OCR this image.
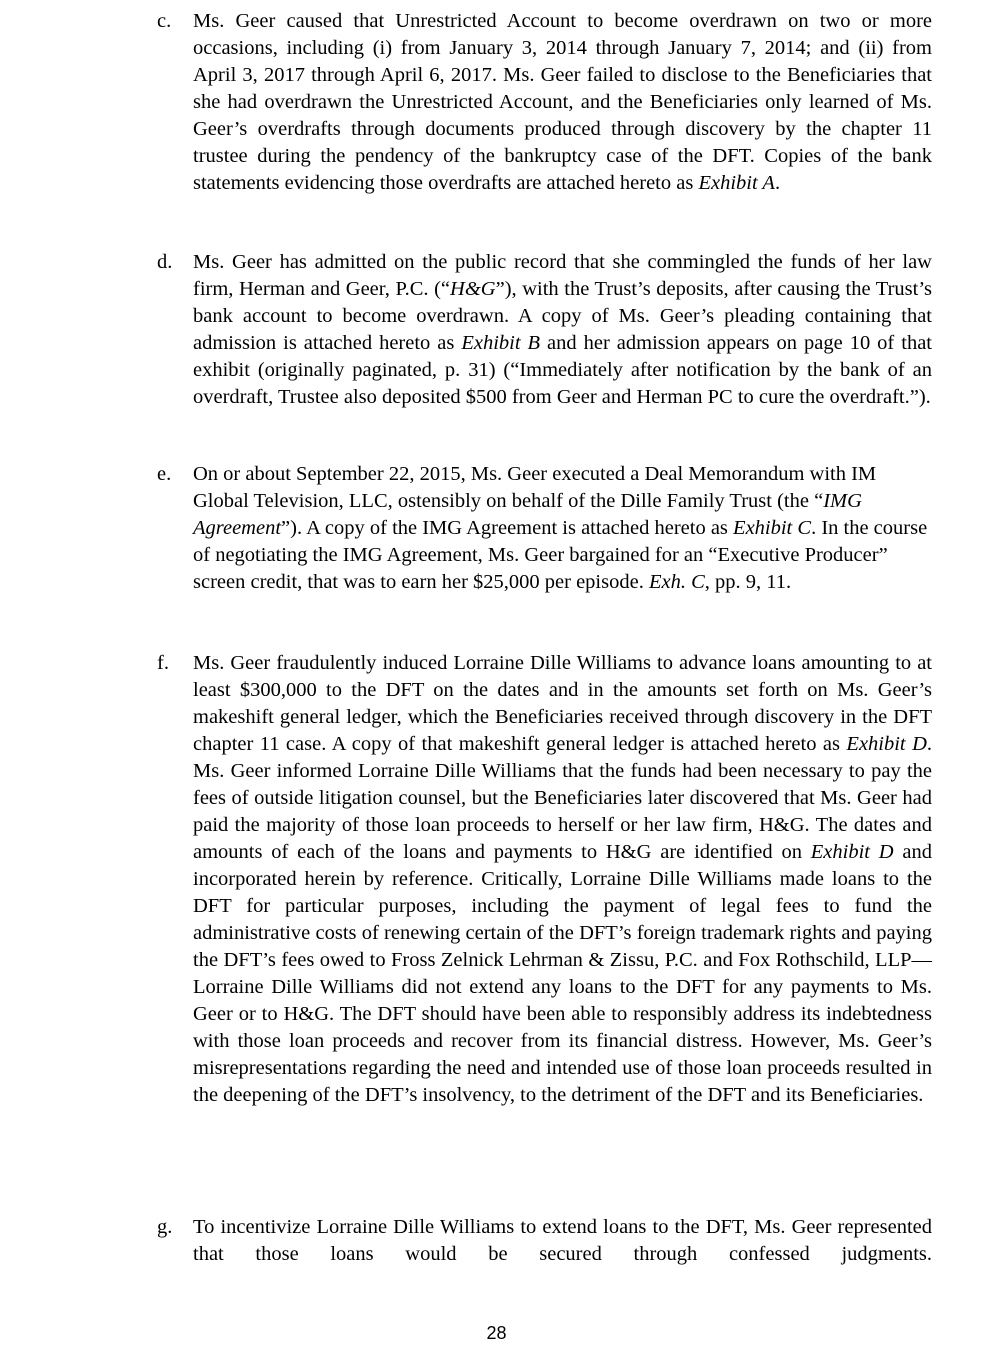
c. Ms. Geer caused that Unrestricted Account to become overdrawn on two or more occasions, including (i) from January 3, 2014 through January 7, 2014; and (ii) from April 3, 2017 through April 6, 2017. Ms. Geer failed to disclose to the Beneficiaries that she had overdrawn the Unrestricted Account, and the Beneficiaries only learned of Ms. Geer’s overdrafts through documents produced through discovery by the chapter 11 trustee during the pendency of the bankruptcy case of the DFT. Copies of the bank statements evidencing those overdrafts are attached hereto as Exhibit A.
d. Ms. Geer has admitted on the public record that she commingled the funds of her law firm, Herman and Geer, P.C. (“H&G”), with the Trust’s deposits, after causing the Trust’s bank account to become overdrawn. A copy of Ms. Geer’s pleading containing that admission is attached hereto as Exhibit B and her admission appears on page 10 of that exhibit (originally paginated, p. 31) (“Immediately after notification by the bank of an overdraft, Trustee also deposited $500 from Geer and Herman PC to cure the overdraft.”).
e. On or about September 22, 2015, Ms. Geer executed a Deal Memorandum with IM Global Television, LLC, ostensibly on behalf of the Dille Family Trust (the “IMG Agreement”). A copy of the IMG Agreement is attached hereto as Exhibit C. In the course of negotiating the IMG Agreement, Ms. Geer bargained for an “Executive Producer” screen credit, that was to earn her $25,000 per episode. Exh. C, pp. 9, 11.
f. Ms. Geer fraudulently induced Lorraine Dille Williams to advance loans amounting to at least $300,000 to the DFT on the dates and in the amounts set forth on Ms. Geer’s makeshift general ledger, which the Beneficiaries received through discovery in the DFT chapter 11 case. A copy of that makeshift general ledger is attached hereto as Exhibit D. Ms. Geer informed Lorraine Dille Williams that the funds had been necessary to pay the fees of outside litigation counsel, but the Beneficiaries later discovered that Ms. Geer had paid the majority of those loan proceeds to herself or her law firm, H&G. The dates and amounts of each of the loans and payments to H&G are identified on Exhibit D and incorporated herein by reference. Critically, Lorraine Dille Williams made loans to the DFT for particular purposes, including the payment of legal fees to fund the administrative costs of renewing certain of the DFT’s foreign trademark rights and paying the DFT’s fees owed to Fross Zelnick Lehrman & Zissu, P.C. and Fox Rothschild, LLP—Lorraine Dille Williams did not extend any loans to the DFT for any payments to Ms. Geer or to H&G. The DFT should have been able to responsibly address its indebtedness with those loan proceeds and recover from its financial distress. However, Ms. Geer’s misrepresentations regarding the need and intended use of those loan proceeds resulted in the deepening of the DFT’s insolvency, to the detriment of the DFT and its Beneficiaries.
g. To incentivize Lorraine Dille Williams to extend loans to the DFT, Ms. Geer represented that those loans would be secured through confessed judgments.
28
